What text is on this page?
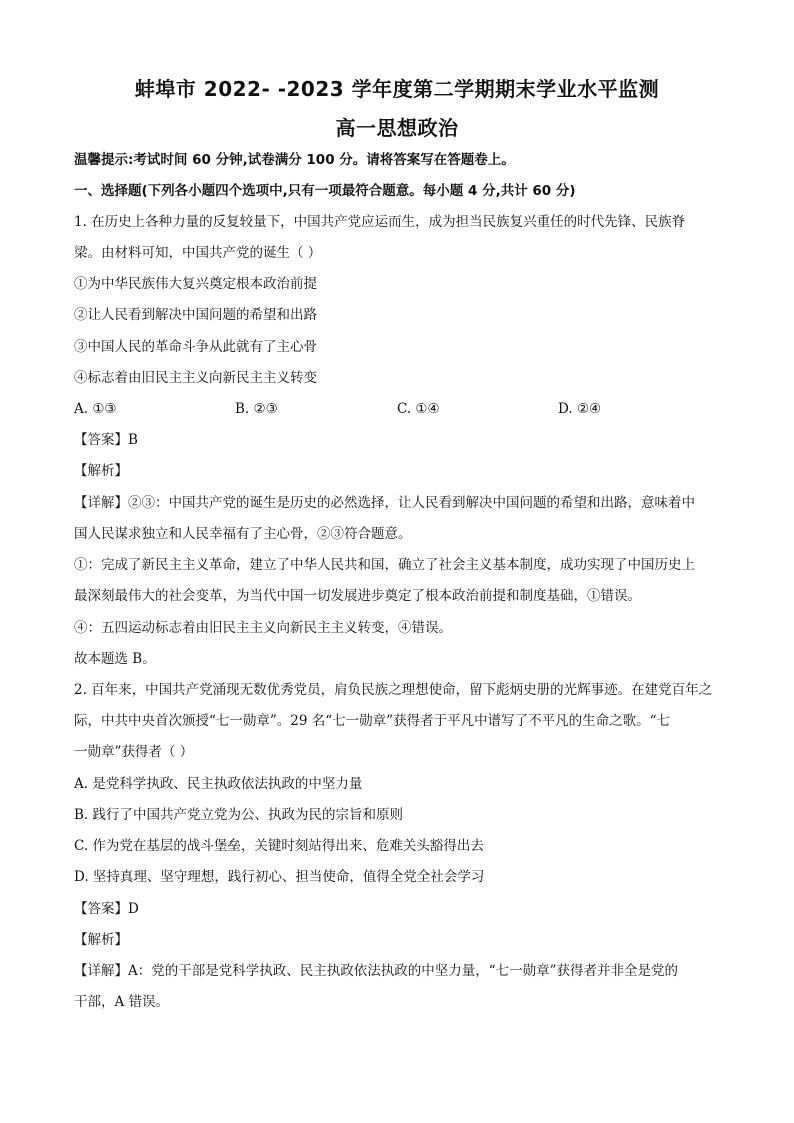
蚌埠市 2022- -2023 学年度第二学期期末学业水平监测
高一思想政治
温馨提示:考试时间 60 分钟,试卷满分 100 分。请将答案写在答题卷上。
一、选择题(下列各小题四个选项中,只有一项最符合题意。每小题 4 分,共计 60 分)
1. 在历史上各种力量的反复较量下，中国共产党应运而生，成为担当民族复兴重任的时代先锋、民族脊
梁。由材料可知，中国共产党的诞生（ ）
①为中华民族伟大复兴奠定根本政治前提
②让人民看到解决中国问题的希望和出路
③中国人民的革命斗争从此就有了主心骨
④标志着由旧民主主义向新民主主义转变
A. ①③	B. ②③	C. ①④	D. ②④
【答案】B
【解析】
【详解】②③：中国共产党的诞生是历史的必然选择，让人民看到解决中国问题的希望和出路，意味着中
国人民谋求独立和人民幸福有了主心骨，②③符合题意。
①：完成了新民主主义革命，建立了中华人民共和国，确立了社会主义基本制度，成功实现了中国历史上
最深刻最伟大的社会变革，为当代中国一切发展进步奠定了根本政治前提和制度基础，①错误。
④：五四运动标志着由旧民主主义向新民主主义转变，④错误。
故本题选 B。
2. 百年来，中国共产党涌现无数优秀党员，肩负民族之理想使命，留下彪炳史册的光辉事迹。在建党百年之
际，中共中央首次颁授“七一勋章”。29 名“七一勋章”获得者于平凡中谱写了不平凡的生命之歌。“七
一勋章”获得者（ ）
A. 是党科学执政、民主执政依法执政的中坚力量
B. 践行了中国共产党立党为公、执政为民的宗旨和原则
C. 作为党在基层的战斗堡垒，关键时刻站得出来、危难关头豁得出去
D. 坚持真理、坚守理想，践行初心、担当使命，值得全党全社会学习
【答案】D
【解析】
【详解】A：党的干部是党科学执政、民主执政依法执政的中坚力量，“七一勋章”获得者并非全是党的
干部，A 错误。
